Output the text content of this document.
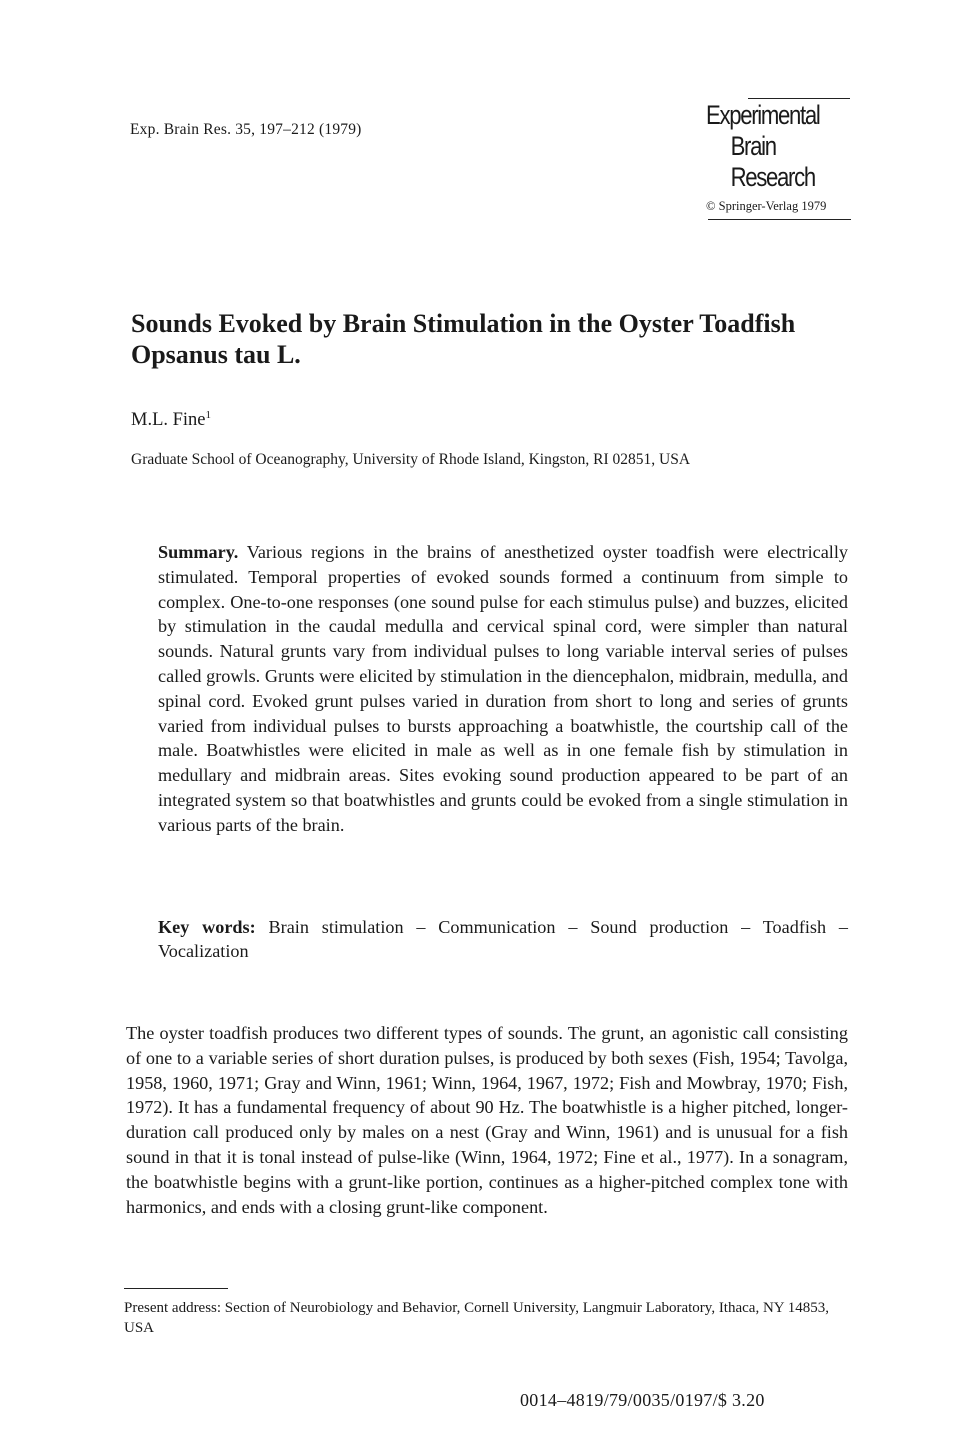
Exp. Brain Res. 35, 197–212 (1979)	Experimental
Brain
Research
© Springer-Verlag 1979
Sounds Evoked by Brain Stimulation in the Oyster Toadfish Opsanus tau L.
M.L. Fine$^1$
Graduate School of Oceanography, University of Rhode Island, Kingston, RI 02851, USA

Summary. Various regions in the brains of anesthetized oyster toadfish were electrically stimulated. Temporal properties of evoked sounds formed a continuum from simple to complex. One-to-one responses (one sound pulse for each stimulus pulse) and buzzes, elicited by stimulation in the caudal medulla and cervical spinal cord, were simpler than natural sounds. Natural grunts vary from individual pulses to long variable interval series of pulses called growls. Grunts were elicited by stimulation in the diencephalon, midbrain, medulla, and spinal cord. Evoked grunt pulses varied in duration from short to long and series of grunts varied from individual pulses to bursts approaching a boatwhistle, the courtship call of the male. Boatwhistles were elicited in male as well as in one female fish by stimulation in medullary and midbrain areas. Sites evoking sound production appeared to be part of an integrated system so that boatwhistles and grunts could be evoked from a single stimulation in various parts of the brain.

Key words: Brain stimulation – Communication – Sound production – Toadfish – Vocalization

The oyster toadfish produces two different types of sounds. The grunt, an agonistic call consisting of one to a variable series of short duration pulses, is produced by both sexes (Fish, 1954; Tavolga, 1958, 1960, 1971; Gray and Winn, 1961; Winn, 1964, 1967, 1972; Fish and Mowbray, 1970; Fish, 1972). It has a fundamental frequency of about 90 Hz. The boatwhistle is a higher pitched, longer-duration call produced only by males on a nest (Gray and Winn, 1961) and is unusual for a fish sound in that it is tonal instead of pulse-like (Winn, 1964, 1972; Fine et al., 1977). In a sonagram, the boatwhistle begins with a grunt-like portion, continues as a higher-pitched complex tone with harmonics, and ends with a closing grunt-like component.

Present address: Section of Neurobiology and Behavior, Cornell University, Langmuir Laboratory, Ithaca, NY 14853, USA

0014–4819/79/0035/0197/$ 3.20
